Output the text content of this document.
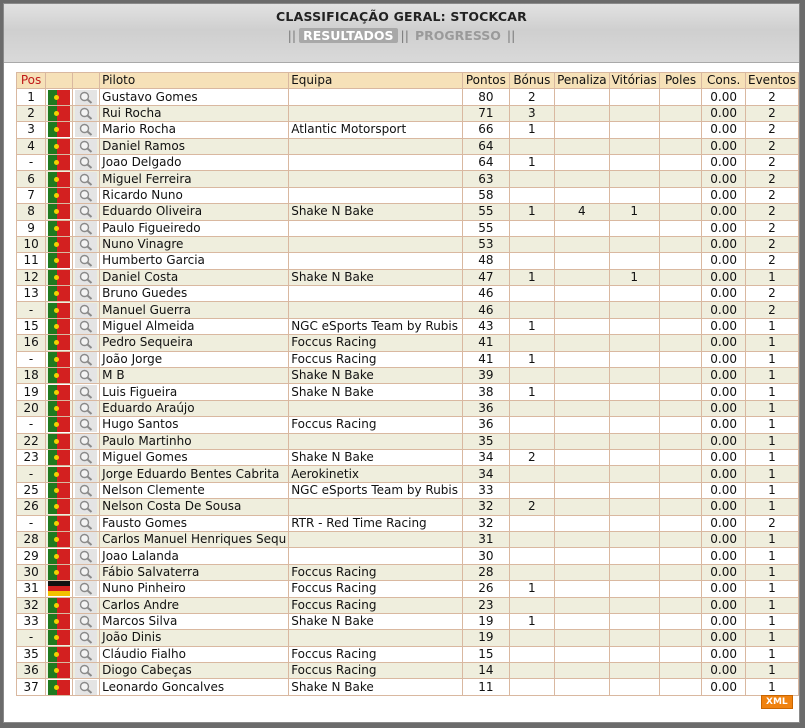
CLASSIFICAÇÃO GERAL: STOCKCAR
|| RESULTADOS || PROGRESSO ||
Pos			Piloto	Equipa	Pontos	Bónus	Penaliza	Vitórias	Poles	Cons.	Eventos
1			Gustavo Gomes		80	2				0.00	2
2			Rui Rocha		71	3				0.00	2
3			Mario Rocha	Atlantic Motorsport	66	1				0.00	2
4			Daniel Ramos		64					0.00	2
-			Joao Delgado		64	1				0.00	2
6			Miguel Ferreira		63					0.00	2
7			Ricardo Nuno		58					0.00	2
8			Eduardo Oliveira	Shake N Bake	55	1	4	1		0.00	2
9			Paulo Figueiredo		55					0.00	2
10			Nuno Vinagre		53					0.00	2
11			Humberto Garcia		48					0.00	2
12			Daniel Costa	Shake N Bake	47	1		1		0.00	1
13			Bruno Guedes		46					0.00	2
-			Manuel Guerra		46					0.00	2
15			Miguel Almeida	NGC eSports Team by Rubis	43	1				0.00	1
16			Pedro Sequeira	Foccus Racing	41					0.00	1
-			João Jorge	Foccus Racing	41	1				0.00	1
18			M B	Shake N Bake	39					0.00	1
19			Luis Figueira	Shake N Bake	38	1				0.00	1
20			Eduardo Araújo		36					0.00	1
-			Hugo Santos	Foccus Racing	36					0.00	1
22			Paulo Martinho		35					0.00	1
23			Miguel Gomes	Shake N Bake	34	2				0.00	1
-			Jorge Eduardo Bentes Cabrita	Aerokinetix	34					0.00	1
25			Nelson Clemente	NGC eSports Team by Rubis	33					0.00	1
26			Nelson Costa De Sousa		32	2				0.00	1
-			Fausto Gomes	RTR - Red Time Racing	32					0.00	2
28			Carlos Manuel Henriques Sequ		31					0.00	1
29			Joao Lalanda		30					0.00	1
30			Fábio Salvaterra	Foccus Racing	28					0.00	1
31			Nuno Pinheiro	Foccus Racing	26	1				0.00	1
32			Carlos Andre	Foccus Racing	23					0.00	1
33			Marcos Silva	Shake N Bake	19	1				0.00	1
-			João Dinis		19					0.00	1
35			Cláudio Fialho	Foccus Racing	15					0.00	1
36			Diogo Cabeças	Foccus Racing	14					0.00	1
37			Leonardo Goncalves	Shake N Bake	11					0.00	1
XML
